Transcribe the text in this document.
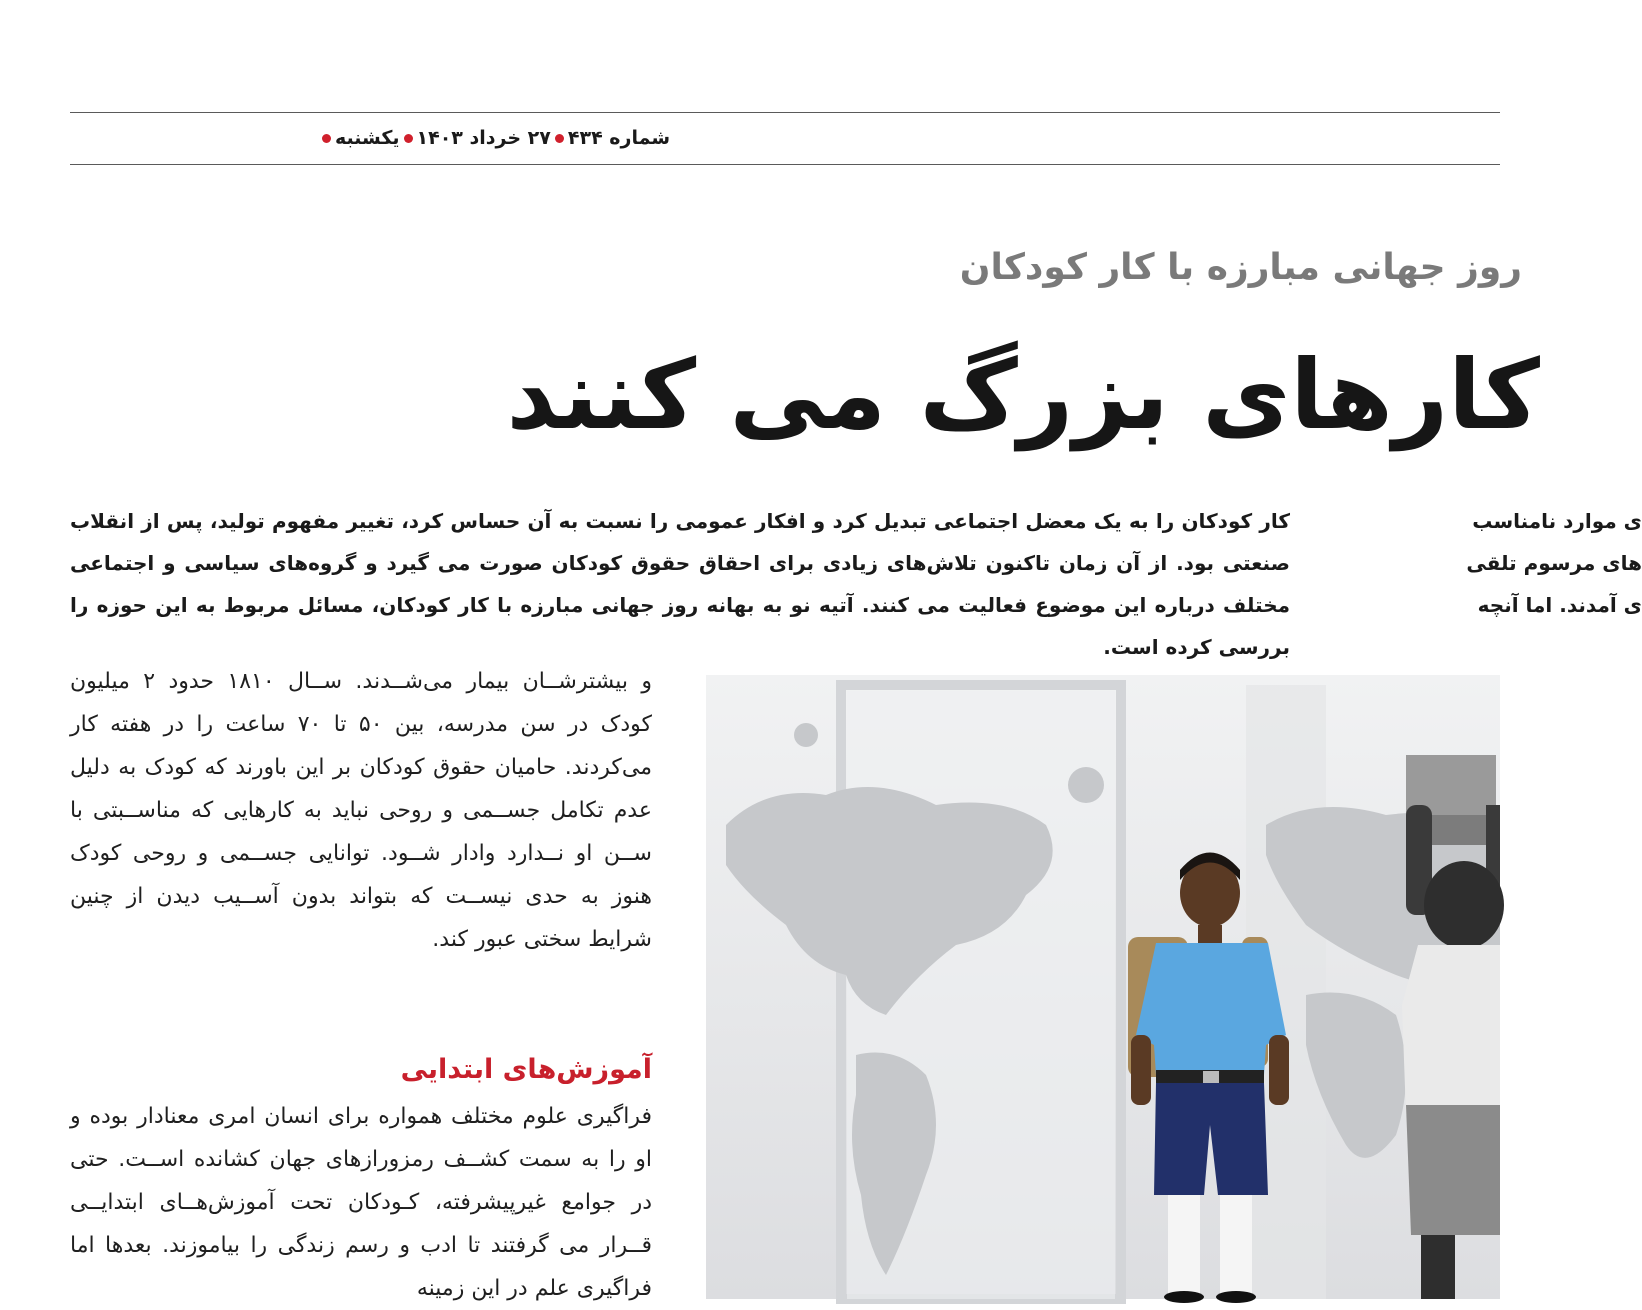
یکشنبه ۲۷ خرداد ۱۴۰۳ شماره ۴۳۴
روز جهانی مبارزه با کار کودکان
کارهای بزرگ می کنند
کار کودکان را به یک معضل اجتماعی تبدیل کرد و افکار عمومی را نسبت به آن حساس کرد، تغییر مفهوم تولید، پس از انقلاب صنعتی بود. از آن زمان تاکنون تلاش‌های زیادی برای احقاق حقوق کودکان صورت می گیرد و گروه‌های سیاسی و اجتماعی مختلف درباره این موضوع فعالیت می کنند. آتیه نو به بهانه روز جهانی مبارزه با کار کودکان، مسائل مربوط به این حوزه را بررسی کرده است.
ی موارد نامناسب
های مرسوم تلقی
ی آمدند. اما آنچه
و بیشترشــان بیمار می‌شــدند. ســال ۱۸۱۰ حدود ۲ میلیون کودک در سن مدرسه، بین ۵۰ تا ۷۰ ساعت را در هفته کار می‌کردند. حامیان حقوق کودکان بر این باورند که کودک به دلیل عدم تکامل جســمی و روحی نباید به کارهایی که مناســبتی با ســن او نــدارد وادار شــود. توانایی جســمی و روحی کودک هنوز به حدی نیســت که بتواند بدون آســیب دیدن از چنین شرایط سختی عبور کند.
آموزش‌های ابتدایی
فراگیری علوم مختلف همواره برای انسان امری معنادار بوده و او را به سمت کشــف رمزورازهای جهان کشانده اســت. حتی در جوامع غیرپیشرفته، کـودکان تحت آموزش‌هــای ابتدایــی قــرار می گرفتند تا ادب و رسم زندگی را بیاموزند. بعدها اما فراگیری علم در این زمینه
